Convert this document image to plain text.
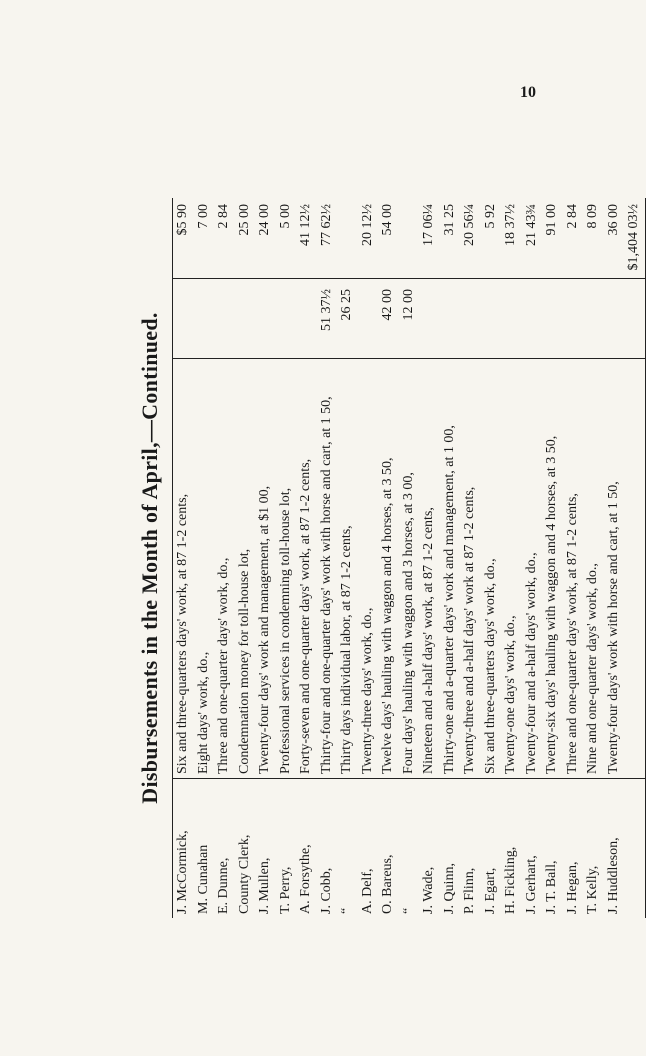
10
Disbursements in the Month of April,—Continued.
J. McCormick,
Six and three-quarters days' work, at 87 1-2 cents,
$5 90
M. Cunahan
Eight days' work, do.,
7 00
E. Dunne,
Three and one-quarter days' work, do.,
2 84
County Clerk,
Condemnation money for toll-house lot,
25 00
J. Mullen,
Twenty-four days' work and management, at $1 00,
24 00
T. Perry,
Professional services in condemning toll-house lot,
5 00
A. Forsythe,
Forty-seven and one-quarter days' work, at 87 1-2 cents,
41 12½
J. Cobb,
Thirty-four and one-quarter days' work with horse and cart, at 1 50,
51 37½
77 62½
“
Thirty days individual labor, at 87 1-2 cents,
26 25
A. Delf,
Twenty-three days' work, do.,
20 12½
O. Bareus,
Twelve days' hauling with waggon and 4 horses, at 3 50,
42 00
54 00
“
Four days' hauling with waggon and 3 horses, at 3 00,
12 00
J. Wade,
Nineteen and a-half days' work, at 87 1-2 cents,
17 06¼
J. Quinn,
Thirty-one and a-quarter days' work and management, at 1 00,
31 25
P. Flinn,
Twenty-three and a-half days' work at 87 1-2 cents,
20 56¼
J. Egart,
Six and three-quarters days' work, do.,
5 92
H. Fickling,
Twenty-one days' work, do.,
18 37½
J. Gerhart,
Twenty-four and a-half days' work, do.,
21 43¾
J. T. Ball,
Twenty-six days' hauling with waggon and 4 horses, at 3 50,
91 00
J. Hegan,
Three and one-quarter days' work, at 87 1-2 cents,
2 84
T. Kelly,
Nine and one-quarter days' work, do.,
8 09
J. Huddleson,
Twenty-four days' work with horse and cart, at 1 50,
36 00 $1,404 03½
